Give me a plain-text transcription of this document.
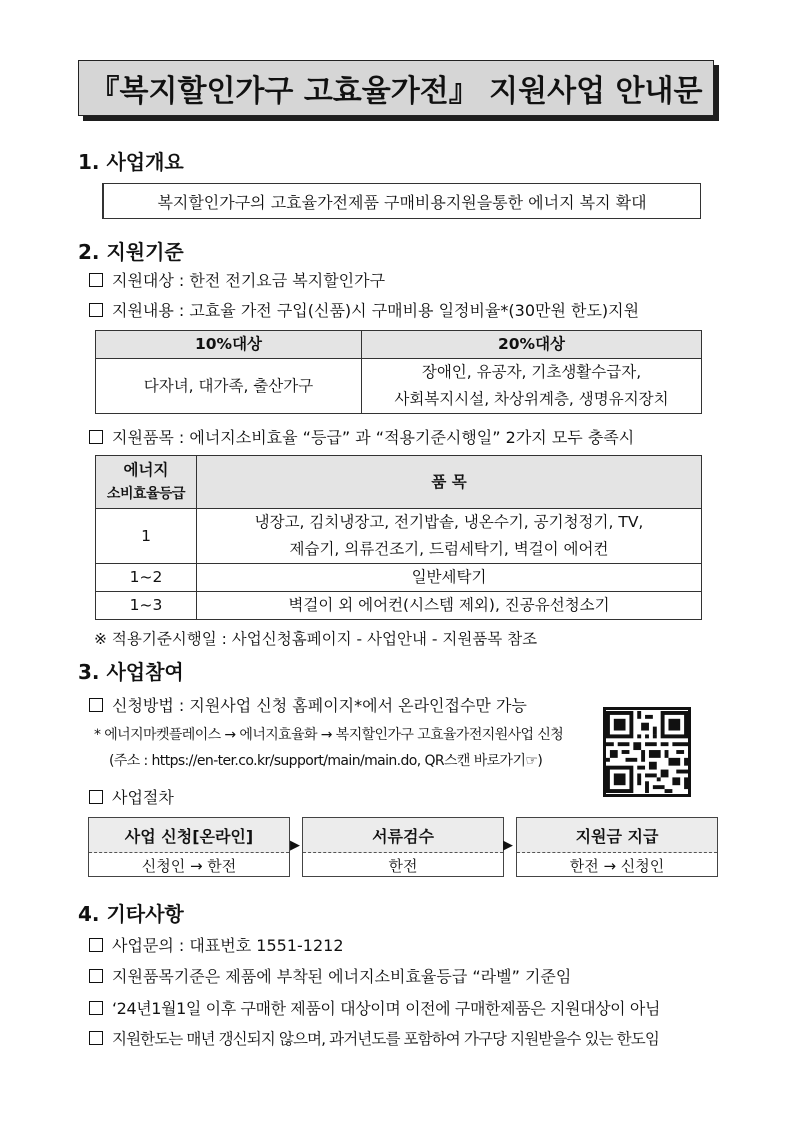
『복지할인가구 고효율가전』 지원사업 안내문
1. 사업개요
복지할인가구의 고효율가전제품 구매비용지원을통한 에너지 복지 확대
2. 지원기준
지원대상 : 한전 전기요금 복지할인가구
지원내용 : 고효율 가전 구입(신품)시 구매비용 일정비율*(30만원 한도)지원
10%대상	20%대상
다자녀, 대가족, 출산가구	장애인, 유공자, 기초생활수급자,
사회복지시설, 차상위계층, 생명유지장치
지원품목 : 에너지소비효율 “등급” 과 “적용기준시행일” 2가지 모두 충족시
에너지
소비효율등급	품 목
1	냉장고, 김치냉장고, 전기밥솥, 냉온수기, 공기청정기, TV,
제습기, 의류건조기, 드럼세탁기, 벽걸이 에어컨

1~2	일반세탁기
1~3	벽걸이 외 에어컨(시스템 제외), 진공유선청소기
※ 적용기준시행일 : 사업신청홈페이지 - 사업안내 - 지원품목 참조
3. 사업참여
신청방법 : 지원사업 신청 홈페이지*에서 온라인접수만 가능
* 에너지마켓플레이스 → 에너지효율화 → 복지할인가구 고효율가전지원사업 신청
(주소 : https://en-ter.co.kr/support/main/main.do, QR스캔 바로가기☞)
사업절차
사업 신청[온라인]
신청인 → 한전
▶	서류검수
한전
▶	지원금 지급
한전 → 신청인
4. 기타사항
사업문의 : 대표번호 1551-1212
지원품목기준은 제품에 부착된 에너지소비효율등급 “라벨” 기준임
‘24년1월1일 이후 구매한 제품이 대상이며 이전에 구매한제품은 지원대상이 아님
지원한도는 매년 갱신되지 않으며, 과거년도를 포함하여 가구당 지원받을수 있는 한도임
